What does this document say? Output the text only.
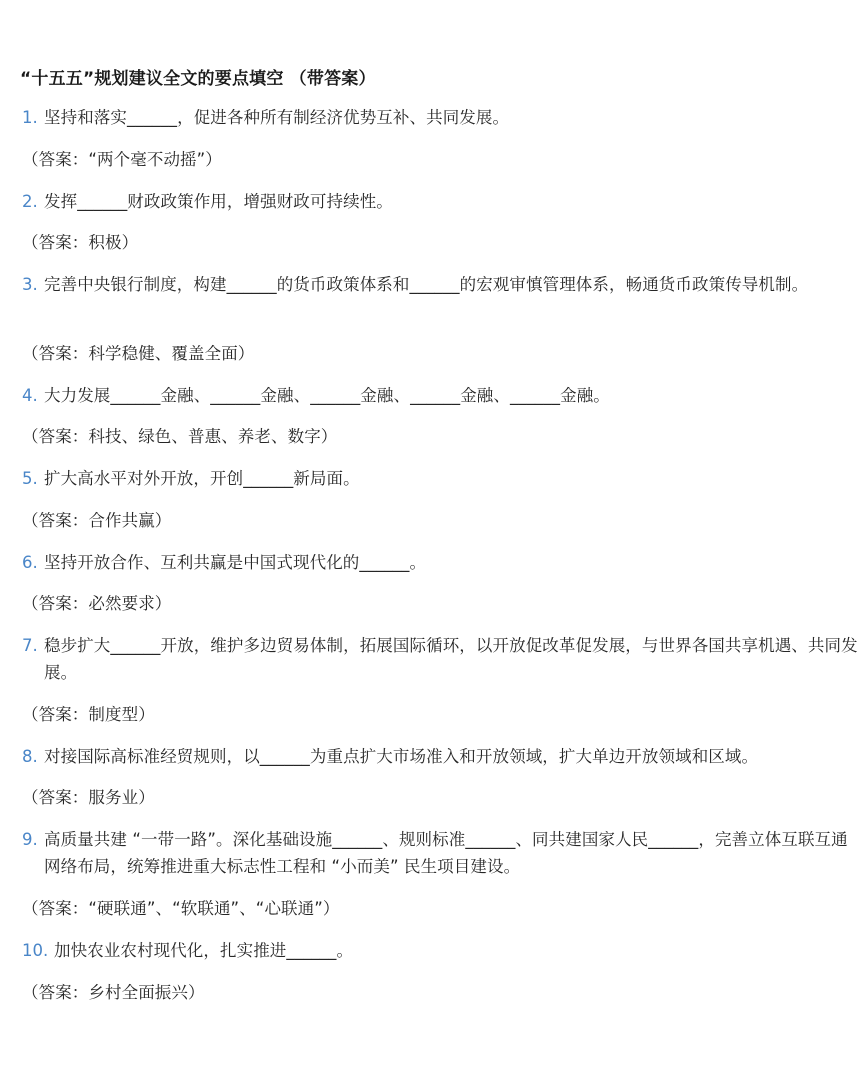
“十五五”规划建议全文的要点填空 （带答案）
1. 坚持和落实______，促进各种所有制经济优势互补、共同发展。
（答案：“两个毫不动摇”）
2. 发挥______财政政策作用，增强财政可持续性。
（答案：积极）
3. 完善中央银行制度，构建______的货币政策体系和______的宏观审慎管理体系，畅通货币政策传导机制。
（答案：科学稳健、覆盖全面）
4. 大力发展______金融、______金融、______金融、______金融、______金融。
（答案：科技、绿色、普惠、养老、数字）
5. 扩大高水平对外开放，开创______新局面。
（答案：合作共赢）
6. 坚持开放合作、互利共赢是中国式现代化的______。
（答案：必然要求）
7. 稳步扩大______开放，维护多边贸易体制，拓展国际循环，以开放促改革促发展，与世界各国共享机遇、共同发展。
（答案：制度型）
8. 对接国际高标准经贸规则，以______为重点扩大市场准入和开放领域，扩大单边开放领域和区域。
（答案：服务业）
9. 高质量共建 “一带一路”。深化基础设施______、规则标准______、同共建国家人民______，完善立体互联互通网络布局，统筹推进重大标志性工程和 “小而美” 民生项目建设。
（答案：“硬联通”、“软联通”、“心联通”）
10. 加快农业农村现代化，扎实推进______。
（答案：乡村全面振兴）
